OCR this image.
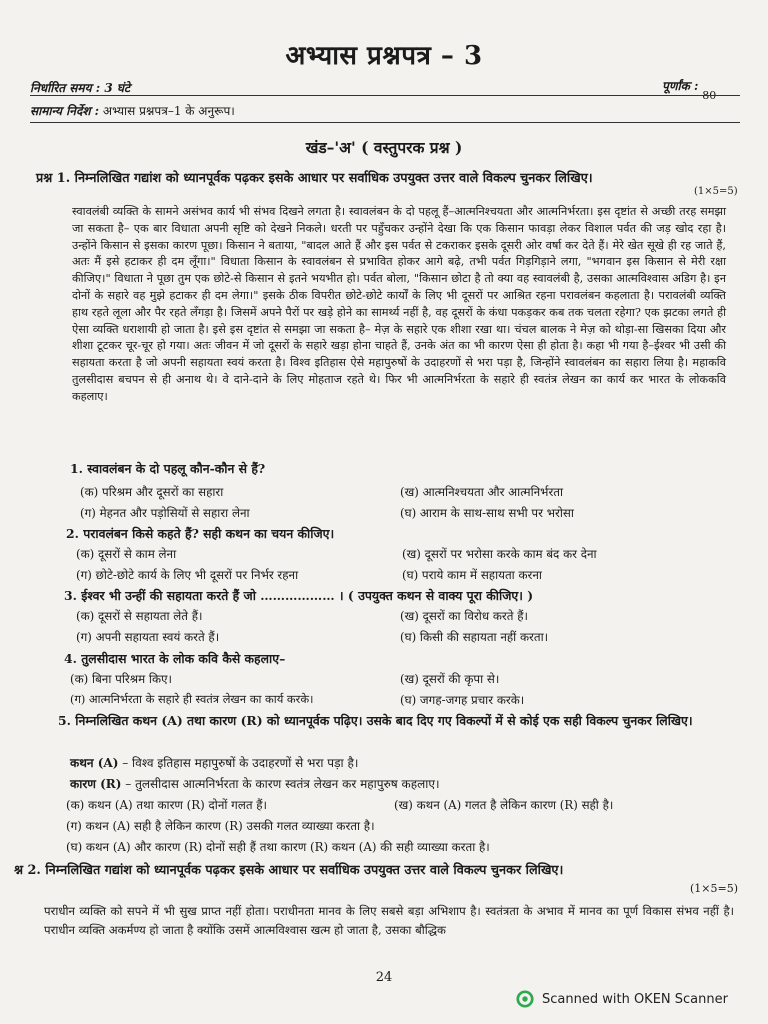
अभ्यास प्रश्नपत्र – 3
निर्धारित समय : 3 घंटे	पूर्णांक : 80
सामान्य निर्देश : अभ्यास प्रश्नपत्र–1 के अनुरूप।
खंड–'अ' ( वस्तुपरक प्रश्न )
प्रश्न 1. निम्नलिखित गद्यांश को ध्यानपूर्वक पढ़कर इसके आधार पर सर्वाधिक उपयुक्त उत्तर वाले विकल्प चुनकर लिखिए।
(1×5=5)

स्वावलंबी व्यक्ति के सामने असंभव कार्य भी संभव दिखने लगता है। स्वावलंबन के दो पहलू हैं–आत्मनिश्चयता और आत्मनिर्भरता। इस दृष्टांत से अच्छी तरह समझा जा सकता है– एक बार विधाता अपनी सृष्टि को देखने निकले। धरती पर पहुँचकर उन्होंने देखा कि एक किसान फावड़ा लेकर विशाल पर्वत की जड़ खोद रहा है। उन्होंने किसान से इसका कारण पूछा। किसान ने बताया, "बादल आते हैं और इस पर्वत से टकराकर इसके दूसरी ओर वर्षा कर देते हैं। मेरे खेत सूखे ही रह जाते हैं, अतः मैं इसे हटाकर ही दम लूँगा।" विधाता किसान के स्वावलंबन से प्रभावित होकर आगे बढ़े, तभी पर्वत गिड़गिड़ाने लगा, "भगवान इस किसान से मेरी रक्षा कीजिए।" विधाता ने पूछा तुम एक छोटे-से किसान से इतने भयभीत हो। पर्वत बोला, "किसान छोटा है तो क्या वह स्वावलंबी है, उसका आत्मविश्वास अडिग है। इन दोनों के सहारे वह मुझे हटाकर ही दम लेगा।" इसके ठीक विपरीत छोटे-छोटे कार्यों के लिए भी दूसरों पर आश्रित रहना परावलंबन कहलाता है। परावलंबी व्यक्ति हाथ रहते लूला और पैर रहते लँगड़ा है। जिसमें अपने पैरों पर खड़े होने का सामर्थ्य नहीं है, वह दूसरों के कंधा पकड़कर कब तक चलता रहेगा? एक झटका लगते ही ऐसा व्यक्ति धराशायी हो जाता है। इसे इस दृष्टांत से समझा जा सकता है– मेज़ के सहारे एक शीशा रखा था। चंचल बालक ने मेज़ को थोड़ा-सा खिसका दिया और शीशा टूटकर चूर-चूर हो गया। अतः जीवन में जो दूसरों के सहारे खड़ा होना चाहते हैं, उनके अंत का भी कारण ऐसा ही होता है। कहा भी गया है–ईश्वर भी उसी की सहायता करता है जो अपनी सहायता स्वयं करता है। विश्व इतिहास ऐसे महापुरुषों के उदाहरणों से भरा पड़ा है, जिन्होंने स्वावलंबन का सहारा लिया है। महाकवि तुलसीदास बचपन से ही अनाथ थे। वे दाने-दाने के लिए मोहताज रहते थे। फिर भी आत्मनिर्भरता के सहारे ही स्वतंत्र लेखन का कार्य कर भारत के लोककवि कहलाए।

1. स्वावलंबन के दो पहलू कौन-कौन से हैं?
(क) परिश्रम और दूसरों का सहारा	(ख) आत्मनिश्चयता और आत्मनिर्भरता
(ग) मेहनत और पड़ोसियों से सहारा लेना	(घ) आराम के साथ-साथ सभी पर भरोसा
2. परावलंबन किसे कहते हैं? सही कथन का चयन कीजिए।
(क) दूसरों से काम लेना	(ख) दूसरों पर भरोसा करके काम बंद कर देना
(ग) छोटे-छोटे कार्य के लिए भी दूसरों पर निर्भर रहना	(घ) पराये काम में सहायता करना
3. ईश्वर भी उन्हीं की सहायता करते हैं जो ……………… । ( उपयुक्त कथन से वाक्य पूरा कीजिए। )
(क) दूसरों से सहायता लेते हैं।	(ख) दूसरों का विरोध करते हैं।
(ग) अपनी सहायता स्वयं करते हैं।	(घ) किसी की सहायता नहीं करता।
4. तुलसीदास भारत के लोक कवि कैसे कहलाए–
(क) बिना परिश्रम किए।	(ख) दूसरों की कृपा से।
(ग) आत्मनिर्भरता के सहारे ही स्वतंत्र लेखन का कार्य करके।	(घ) जगह-जगह प्रचार करके।
5. निम्नलिखित कथन (A) तथा कारण (R) को ध्यानपूर्वक पढ़िए। उसके बाद दिए गए विकल्पों में से कोई एक सही विकल्प चुनकर लिखिए।
कथन (A) – विश्व इतिहास महापुरुषों के उदाहरणों से भरा पड़ा है।
कारण (R) – तुलसीदास आत्मनिर्भरता के कारण स्वतंत्र लेखन कर महापुरुष कहलाए।
(क) कथन (A) तथा कारण (R) दोनों गलत हैं।	(ख) कथन (A) गलत है लेकिन कारण (R) सही है।
(ग) कथन (A) सही है लेकिन कारण (R) उसकी गलत व्याख्या करता है।
(घ) कथन (A) और कारण (R) दोनों सही हैं तथा कारण (R) कथन (A) की सही व्याख्या करता है।
श्न 2. निम्नलिखित गद्यांश को ध्यानपूर्वक पढ़कर इसके आधार पर सर्वाधिक उपयुक्त उत्तर वाले विकल्प चुनकर लिखिए।
(1×5=5)

पराधीन व्यक्ति को सपने में भी सुख प्राप्त नहीं होता। पराधीनता मानव के लिए सबसे बड़ा अभिशाप है। स्वतंत्रता के अभाव में मानव का पूर्ण विकास संभव नहीं है। पराधीन व्यक्ति अकर्मण्य हो जाता है क्योंकि उसमें आत्मविश्वास खत्म हो जाता है, उसका बौद्धिक

24
Scanned with OKEN Scanner
